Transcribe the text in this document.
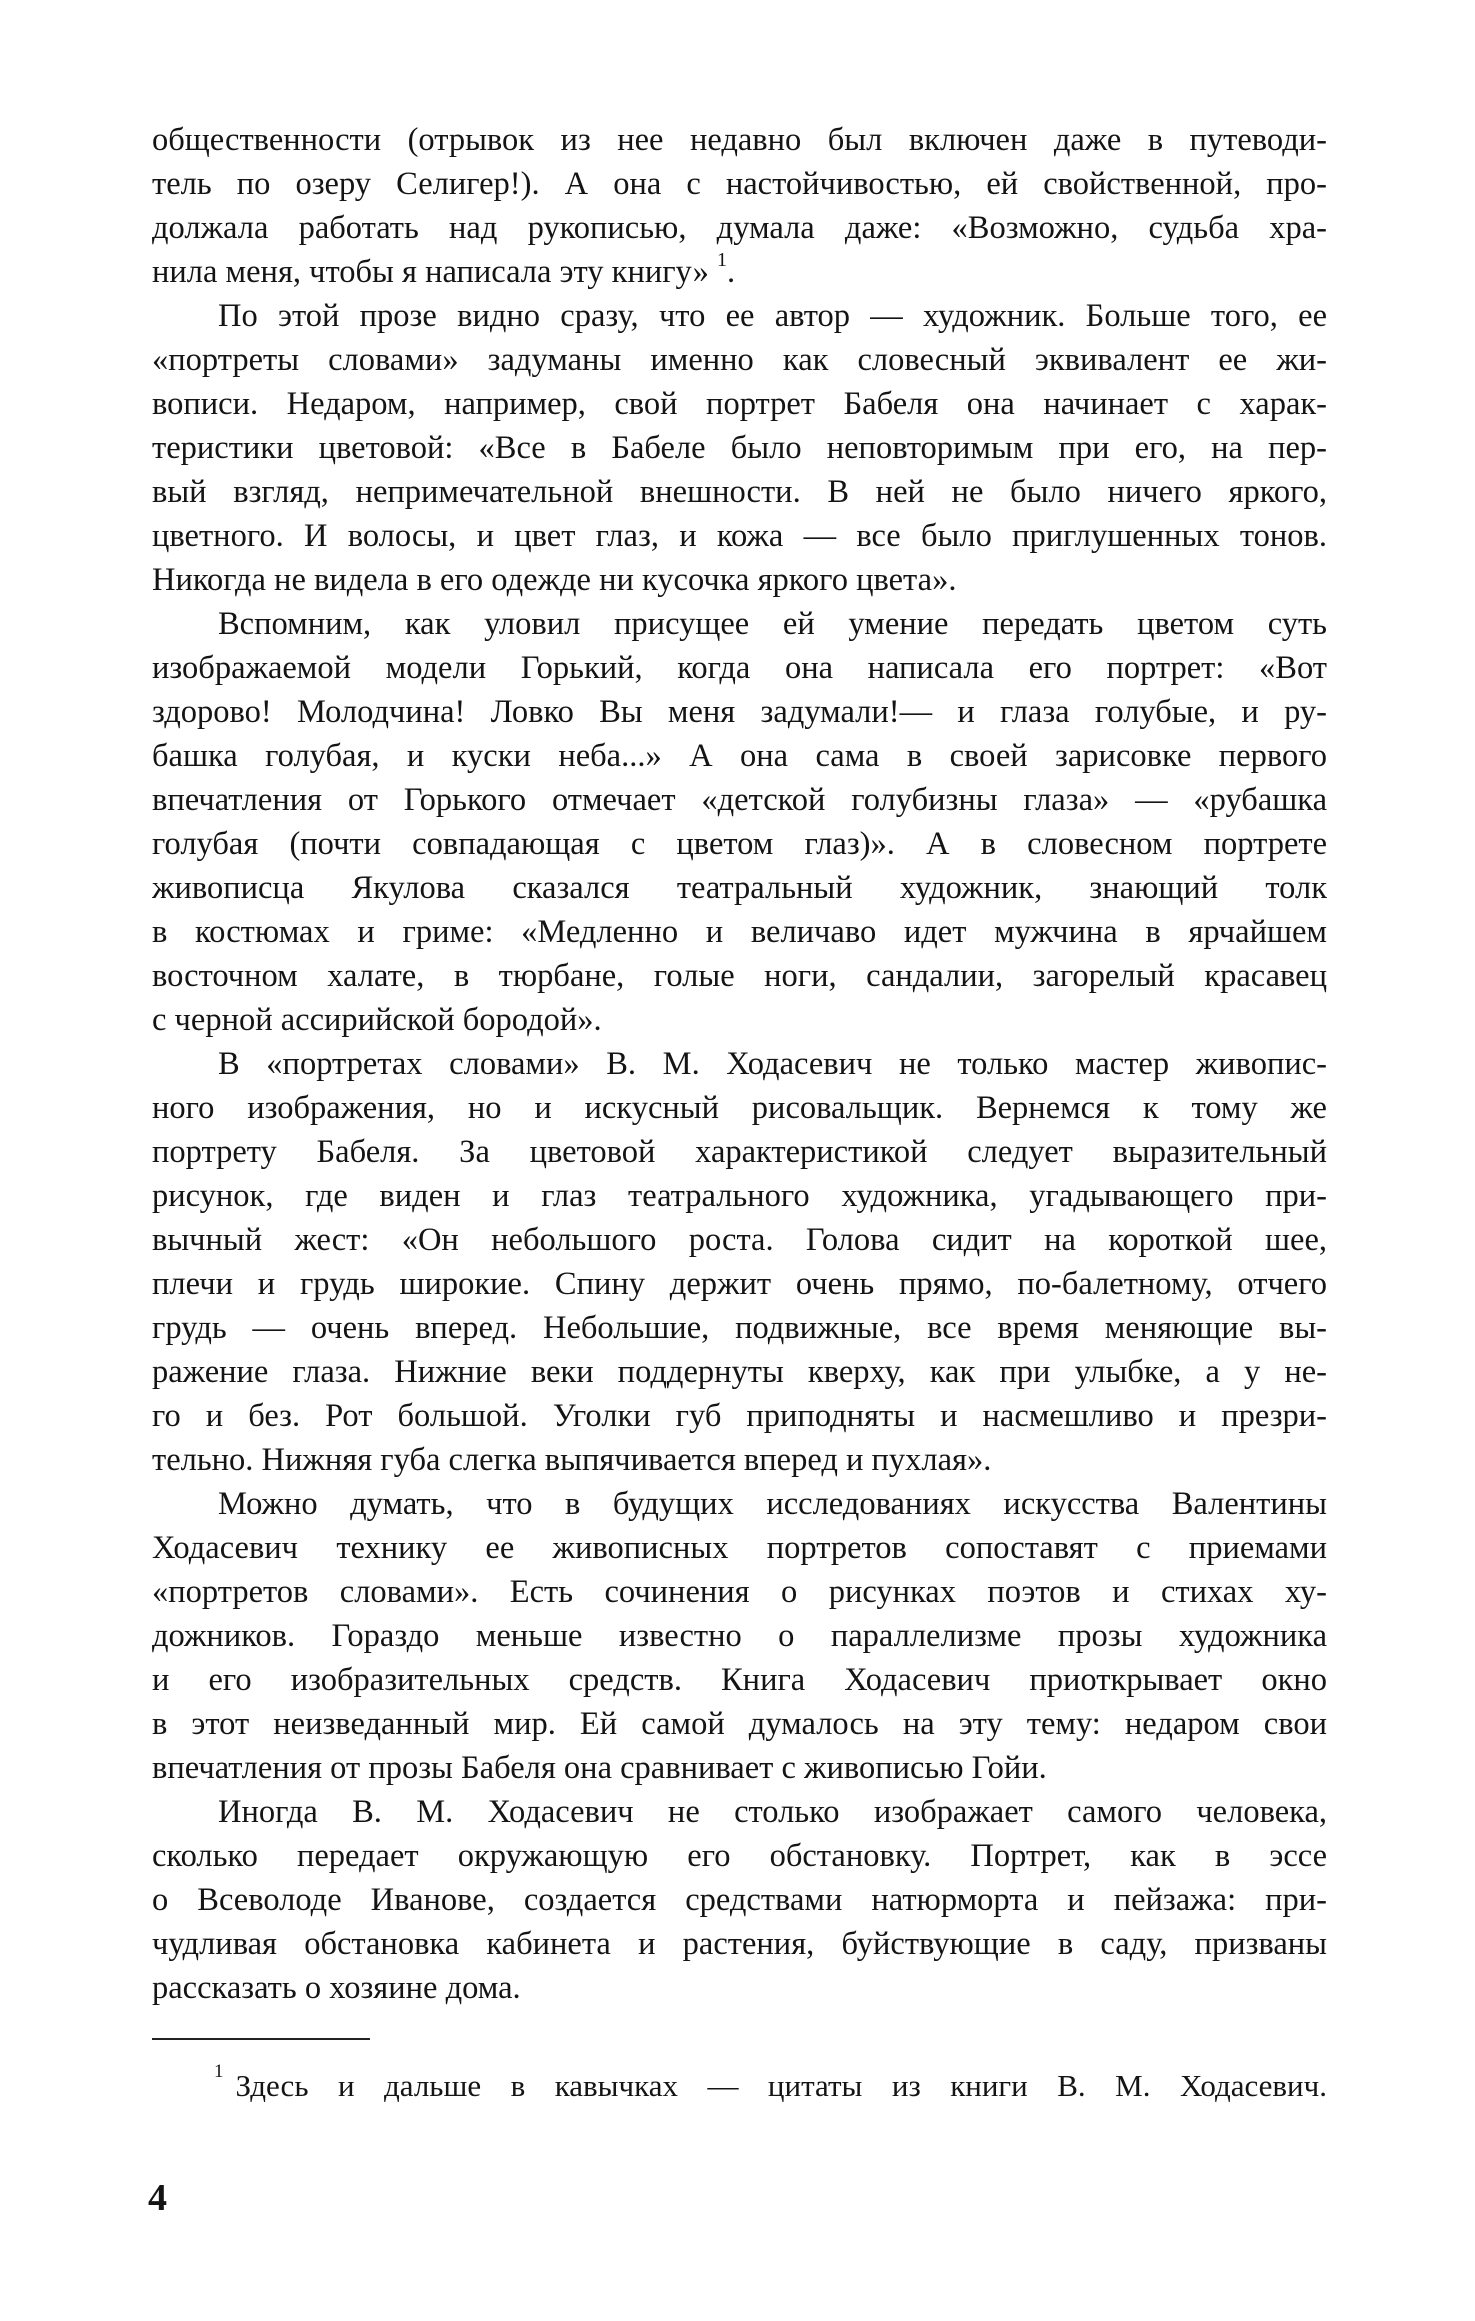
общественности (отрывок из нее недавно был включен даже в путеводи-
тель по озеру Селигер!). А она с настойчивостью, ей свойственной, про-
должала работать над рукописью, думала даже: «Возможно, судьба хра-
нила меня, чтобы я написала эту книгу» $^1$.
По этой прозе видно сразу, что ее автор — художник. Больше того, ее
«портреты словами» задуманы именно как словесный эквивалент ее жи-
вописи. Недаром, например, свой портрет Бабеля она начинает с харак-
теристики цветовой: «Все в Бабеле было неповторимым при его, на пер-
вый взгляд, непримечательной внешности. В ней не было ничего яркого,
цветного. И волосы, и цвет глаз, и кожа — все было приглушенных тонов.
Никогда не видела в его одежде ни кусочка яркого цвета».
Вспомним, как уловил присущее ей умение передать цветом суть
изображаемой модели Горький, когда она написала его портрет: «Вот
здорово! Молодчина! Ловко Вы меня задумали!— и глаза голубые, и ру-
башка голубая, и куски неба...» А она сама в своей зарисовке первого
впечатления от Горького отмечает «детской голубизны глаза» — «рубашка
голубая (почти совпадающая с цветом глаз)». А в словесном портрете
живописца Якулова сказался театральный художник, знающий толк
в костюмах и гриме: «Медленно и величаво идет мужчина в ярчайшем
восточном халате, в тюрбане, голые ноги, сандалии, загорелый красавец
с черной ассирийской бородой».
В «портретах словами» В. М. Ходасевич не только мастер живопис-
ного изображения, но и искусный рисовальщик. Вернемся к тому же
портрету Бабеля. За цветовой характеристикой следует выразительный
рисунок, где виден и глаз театрального художника, угадывающего при-
вычный жест: «Он небольшого роста. Голова сидит на короткой шее,
плечи и грудь широкие. Спину держит очень прямо, по-балетному, отчего
грудь — очень вперед. Небольшие, подвижные, все время меняющие вы-
ражение глаза. Нижние веки поддернуты кверху, как при улыбке, а у не-
го и без. Рот большой. Уголки губ приподняты и насмешливо и презри-
тельно. Нижняя губа слегка выпячивается вперед и пухлая».
Можно думать, что в будущих исследованиях искусства Валентины
Ходасевич технику ее живописных портретов сопоставят с приемами
«портретов словами». Есть сочинения о рисунках поэтов и стихах ху-
дожников. Гораздо меньше известно о параллелизме прозы художника
и его изобразительных средств. Книга Ходасевич приоткрывает окно
в этот неизведанный мир. Ей самой думалось на эту тему: недаром свои
впечатления от прозы Бабеля она сравнивает с живописью Гойи.
Иногда В. М. Ходасевич не столько изображает самого человека,
сколько передает окружающую его обстановку. Портрет, как в эссе
о Всеволоде Иванове, создается средствами натюрморта и пейзажа: при-
чудливая обстановка кабинета и растения, буйствующие в саду, призваны
рассказать о хозяине дома.
$^1$ Здесь и дальше в кавычках — цитаты из книги В. М. Ходасевич.
4
